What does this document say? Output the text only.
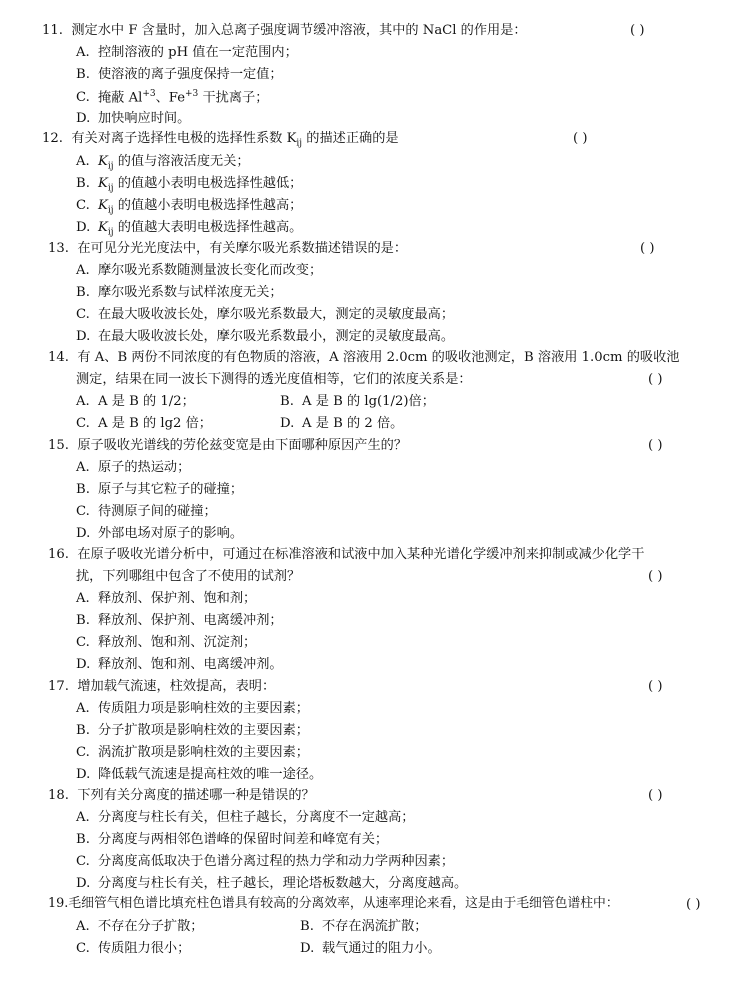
11. 测定水中 F 含量时，加入总离子强度调节缓冲溶液，其中的 NaCl 的作用是：	( )
A. 控制溶液的 pH 值在一定范围内；
B. 使溶液的离子强度保持一定值；
C. 掩蔽 $Al^{+3}$、$Fe^{+3}$ 干扰离子；
D. 加快响应时间。
12. 有关对离子选择性电极的选择性系数 $K_{ij}$ 的描述正确的是	( )
A. $K_{ij}$ 的值与溶液活度无关；
B. $K_{ij}$ 的值越小表明电极选择性越低；
C. $K_{ij}$ 的值越小表明电极选择性越高；
D. $K_{ij}$ 的值越大表明电极选择性越高。
13. 在可见分光光度法中，有关摩尔吸光系数描述错误的是：	( )
A. 摩尔吸光系数随测量波长变化而改变；
B. 摩尔吸光系数与试样浓度无关；
C. 在最大吸收波长处，摩尔吸光系数最大，测定的灵敏度最高；
D. 在最大吸收波长处，摩尔吸光系数最小，测定的灵敏度最高。
14. 有 A、B 两份不同浓度的有色物质的溶液，A 溶液用 2.0cm 的吸收池测定，B 溶液用 1.0cm 的吸收池
测定，结果在同一波长下测得的透光度值相等，它们的浓度关系是：	( )
A. A 是 B 的 1/2；	B. A 是 B 的 lg(1/2)倍；
C. A 是 B 的 lg2 倍；	D. A 是 B 的 2 倍。
15. 原子吸收光谱线的劳伦兹变宽是由下面哪种原因产生的？	( )
A. 原子的热运动；
B. 原子与其它粒子的碰撞；
C. 待测原子间的碰撞；
D. 外部电场对原子的影响。
16. 在原子吸收光谱分析中，可通过在标准溶液和试液中加入某种光谱化学缓冲剂来抑制或减少化学干
扰，下列哪组中包含了不使用的试剂？	( )
A. 释放剂、保护剂、饱和剂；
B. 释放剂、保护剂、电离缓冲剂；
C. 释放剂、饱和剂、沉淀剂；
D. 释放剂、饱和剂、电离缓冲剂。
17. 增加载气流速，柱效提高，表明：	( )
A. 传质阻力项是影响柱效的主要因素；
B. 分子扩散项是影响柱效的主要因素；
C. 涡流扩散项是影响柱效的主要因素；
D. 降低载气流速是提高柱效的唯一途径。
18. 下列有关分离度的描述哪一种是错误的？	( )
A. 分离度与柱长有关，但柱子越长，分离度不一定越高；
B. 分离度与两相邻色谱峰的保留时间差和峰宽有关；
C. 分离度高低取决于色谱分离过程的热力学和动力学两种因素；
D. 分离度与柱长有关，柱子越长，理论塔板数越大，分离度越高。
19.毛细管气相色谱比填充柱色谱具有较高的分离效率，从速率理论来看，这是由于毛细管色谱柱中：	( )
A. 不存在分子扩散；	B. 不存在涡流扩散；
C. 传质阻力很小；	D. 载气通过的阻力小。
